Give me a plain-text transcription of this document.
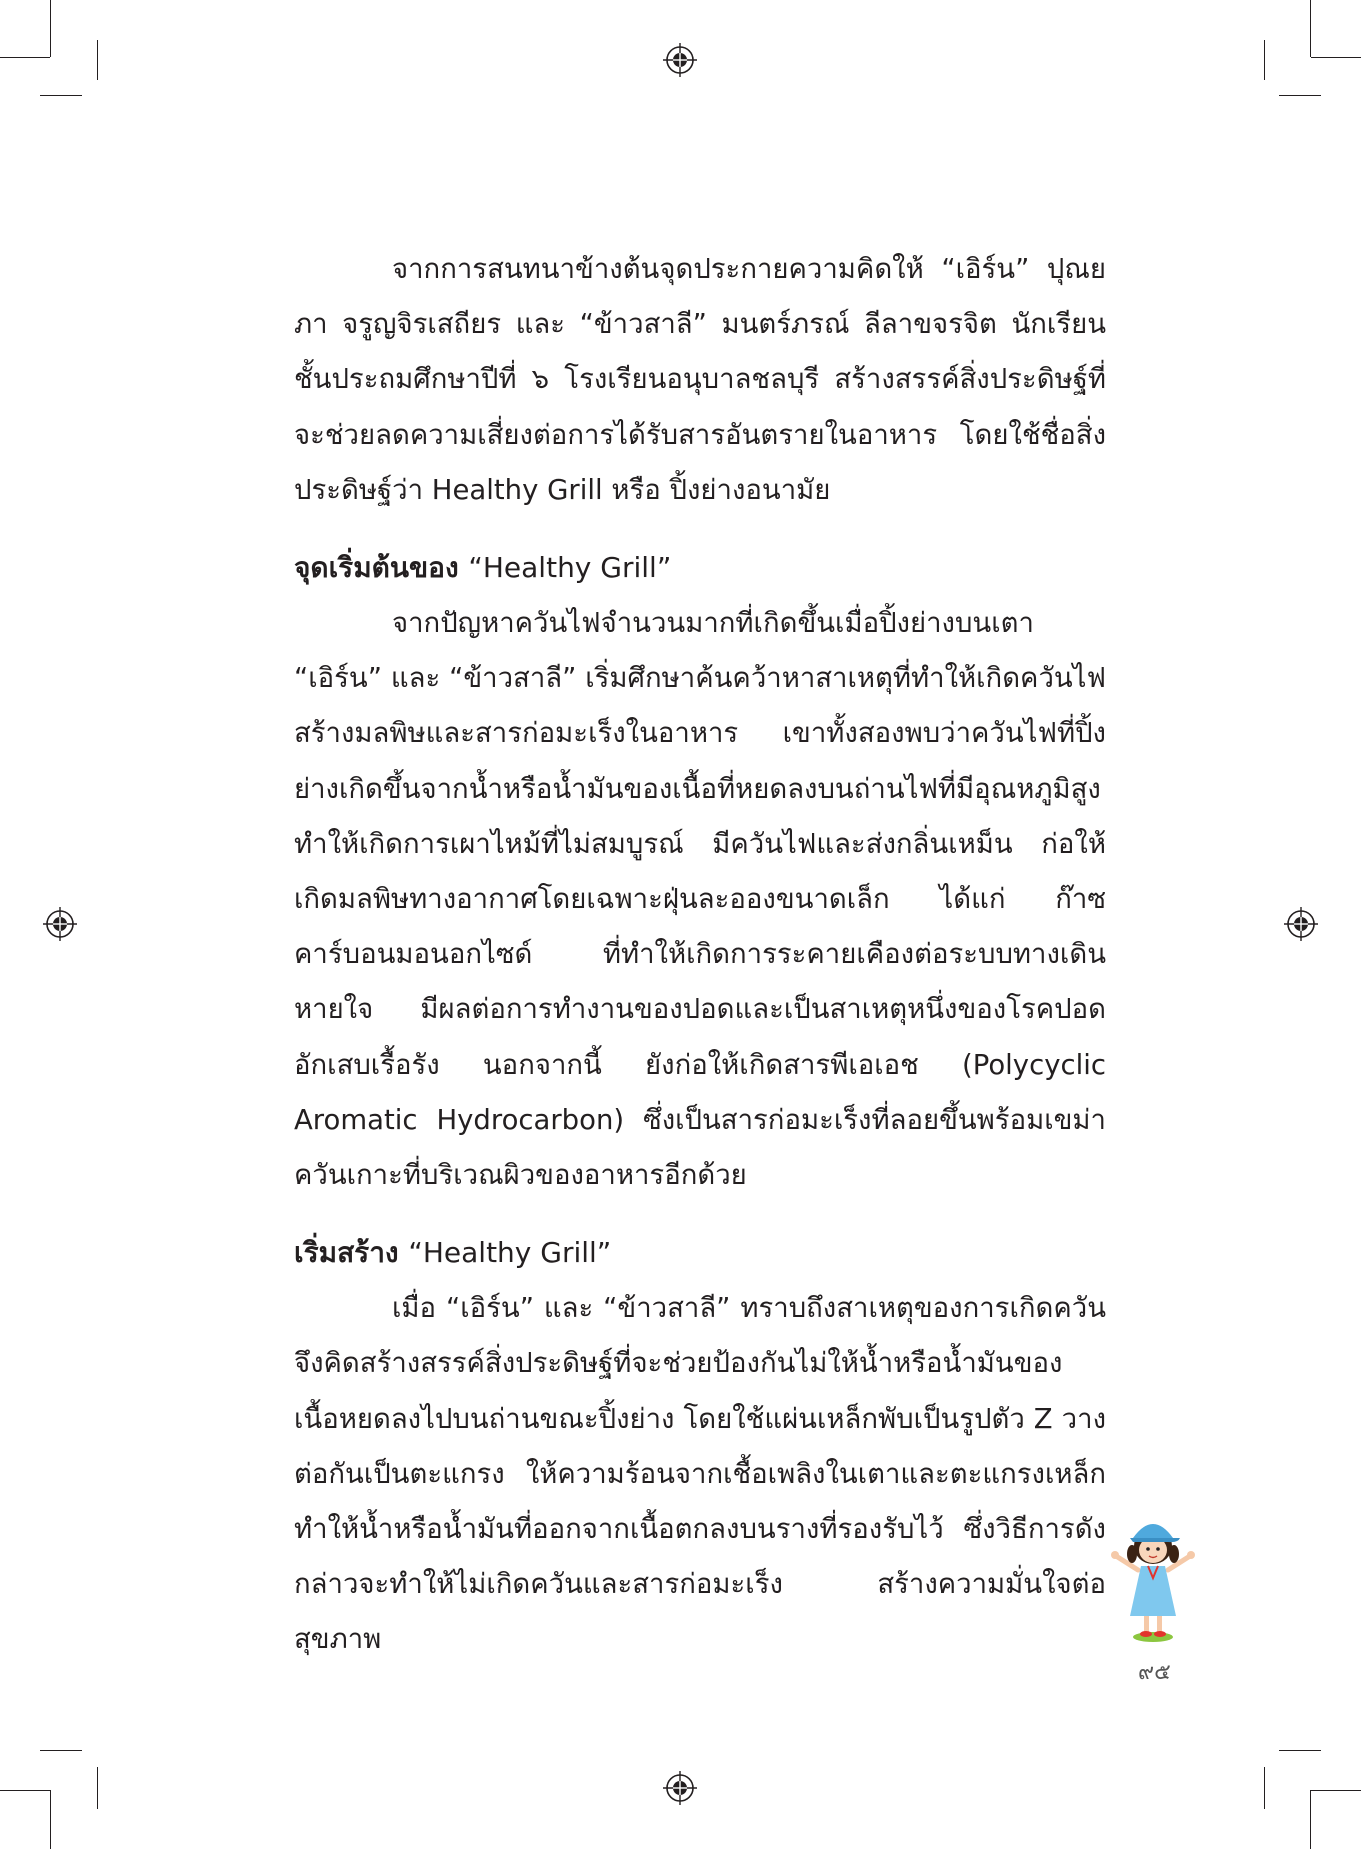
จากการสนทนาข้างต้นจุดประกายความคิดให้ “เอิร์น” ปุณยภา จรูญจิรเสถียร และ “ข้าวสาลี” มนตร์ภรณ์ ลีลาขจรจิต นักเรียนชั้นประถมศึกษาปีที่ ๖ โรงเรียนอนุบาลชลบุรี สร้างสรรค์สิ่งประดิษฐ์ที่จะช่วยลดความเสี่ยงต่อการได้รับสารอันตรายในอาหาร โดยใช้ชื่อสิ่งประดิษฐ์ว่า Healthy Grill หรือ ปิ้งย่างอนามัย

จุดเริ่มต้นของ “Healthy Grill”

จากปัญหาควันไฟจำนวนมากที่เกิดขึ้นเมื่อปิ้งย่างบนเตา “เอิร์น” และ “ข้าวสาลี” เริ่มศึกษาค้นคว้าหาสาเหตุที่ทำให้เกิดควันไฟสร้างมลพิษและสารก่อมะเร็งในอาหาร เขาทั้งสองพบว่าควันไฟที่ปิ้งย่างเกิดขึ้นจากน้ำหรือน้ำมันของเนื้อที่หยดลงบนถ่านไฟที่มีอุณหภูมิสูง ทำให้เกิดการเผาไหม้ที่ไม่สมบูรณ์ มีควันไฟและส่งกลิ่นเหม็น ก่อให้เกิดมลพิษทางอากาศโดยเฉพาะฝุ่นละอองขนาดเล็ก ได้แก่ ก๊าซคาร์บอนมอนอกไซด์ ที่ทำให้เกิดการระคายเคืองต่อระบบทางเดินหายใจ มีผลต่อการทำงานของปอดและเป็นสาเหตุหนึ่งของโรคปอดอักเสบเรื้อรัง นอกจากนี้ ยังก่อให้เกิดสารพีเอเอช (Polycyclic Aromatic Hydrocarbon) ซึ่งเป็นสารก่อมะเร็งที่ลอยขึ้นพร้อมเขม่าควันเกาะที่บริเวณผิวของอาหารอีกด้วย

เริ่มสร้าง “Healthy Grill”

เมื่อ “เอิร์น” และ “ข้าวสาลี” ทราบถึงสาเหตุของการเกิดควันจึงคิดสร้างสรรค์สิ่งประดิษฐ์ที่จะช่วยป้องกันไม่ให้น้ำหรือน้ำมันของเนื้อหยดลงไปบนถ่านขณะปิ้งย่าง โดยใช้แผ่นเหล็กพับเป็นรูปตัว Z วางต่อกันเป็นตะแกรง ให้ความร้อนจากเชื้อเพลิงในเตาและตะแกรงเหล็ก ทำให้น้ำหรือน้ำมันที่ออกจากเนื้อตกลงบนรางที่รองรับไว้ ซึ่งวิธีการดังกล่าวจะทำให้ไม่เกิดควันและสารก่อมะเร็ง สร้างความมั่นใจต่อสุขภาพ

๙๕
